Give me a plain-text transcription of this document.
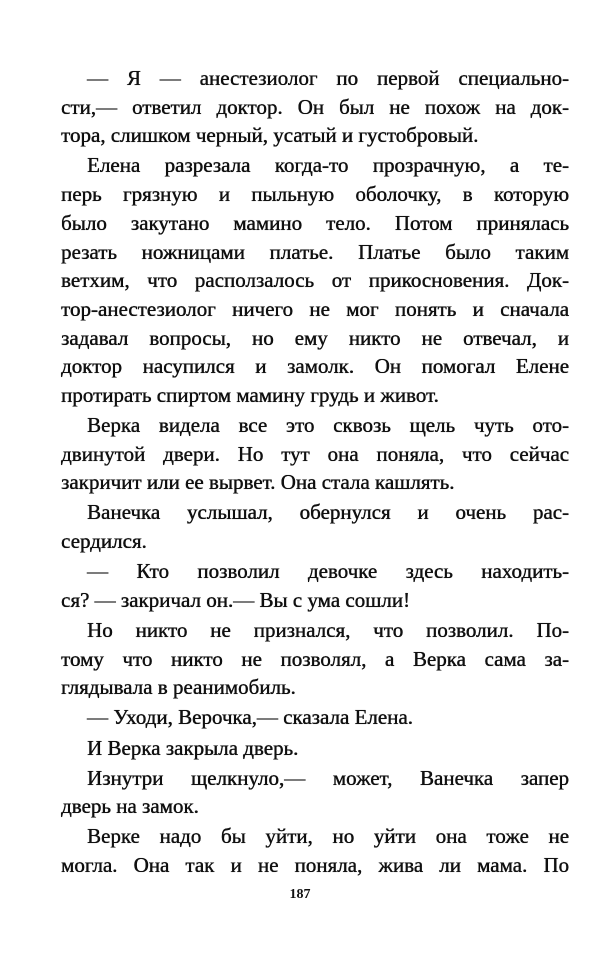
— Я — анестезиолог по первой специально-
сти,— ответил доктор. Он был не похож на док-
тора, слишком черный, усатый и густобровый.
Елена разрезала когда-то прозрачную, а те-
перь грязную и пыльную оболочку, в которую
было закутано мамино тело. Потом принялась
резать ножницами платье. Платье было таким
ветхим, что расползалось от прикосновения. Док-
тор-анестезиолог ничего не мог понять и сначала
задавал вопросы, но ему никто не отвечал, и
доктор насупился и замолк. Он помогал Елене
протирать спиртом мамину грудь и живот.
Верка видела все это сквозь щель чуть ото-
двинутой двери. Но тут она поняла, что сейчас
закричит или ее вырвет. Она стала кашлять.
Ванечка услышал, обернулся и очень рас-
сердился.
— Кто позволил девочке здесь находить-
ся? — закричал он.— Вы с ума сошли!
Но никто не признался, что позволил. По-
тому что никто не позволял, а Верка сама за-
глядывала в реанимобиль.
— Уходи, Верочка,— сказала Елена.
И Верка закрыла дверь.
Изнутри щелкнуло,— может, Ванечка запер
дверь на замок.
Верке надо бы уйти, но уйти она тоже не
могла. Она так и не поняла, жива ли мама. По
187
